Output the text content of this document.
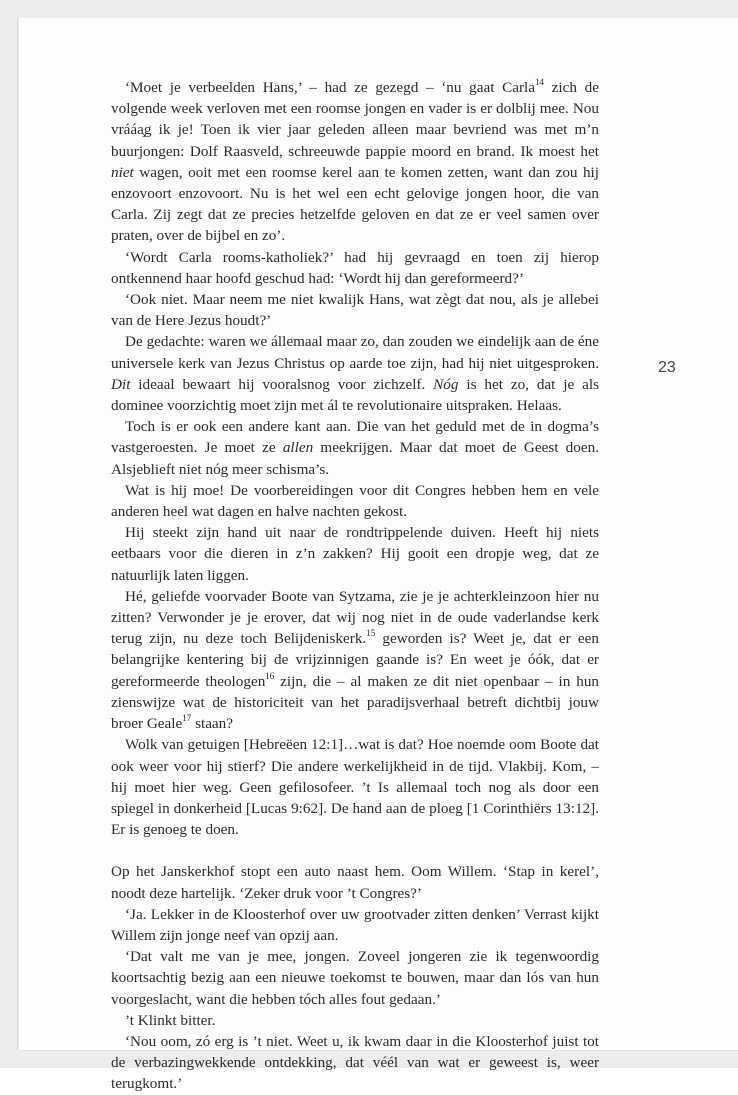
‘Moet je verbeelden Hans,’ – had ze gezegd – ‘nu gaat Carla$^{14}$ zich de volgende week verloven met een roomse jongen en vader is er dolblij mee. Nou vrááa̧g ik je! Toen ik vier jaar geleden alleen maar bevriend was met m’n buurjongen: Dolf Raasveld, schreeuwde pappie moord en brand. Ik moest het niet wagen, ooit met een roomse kerel aan te komen zetten, want dan zou hij enzovoort enzovoort. Nu is het wel een echt gelovige jongen hoor, die van Carla. Zij zegt dat ze precies hetzelfde geloven en dat ze er veel samen over praten, over de bijbel en zo’.

‘Wordt Carla rooms-katholiek?’ had hij gevraagd en toen zij hierop ontkennend haar hoofd geschud had: ‘Wordt hij dan gereformeerd?’

‘Ook niet. Maar neem me niet kwalijk Hans, wat zègt dat nou, als je allebei van de Here Jezus houdt?’

De gedachte: waren we állemaal maar zo, dan zouden we eindelijk aan de éne universele kerk van Jezus Christus op aarde toe zijn, had hij niet uitgesproken. Dit ideaal bewaart hij vooralsnog voor zichzelf. Nóg is het zo, dat je als dominee voorzichtig moet zijn met ál te revolutionaire uitspraken. Helaas.

Toch is er ook een andere kant aan. Die van het geduld met de in dogma’s vastgeroesten. Je moet ze allen meekrijgen. Maar dat moet de Geest doen. Alsjeblieft niet nóg meer schisma’s.

Wat is hij moe! De voorbereidingen voor dit Congres hebben hem en vele anderen heel wat dagen en halve nachten gekost.

Hij steekt zijn hand uit naar de rondtrippelende duiven. Heeft hij niets eetbaars voor die dieren in z’n zakken? Hij gooit een dropje weg, dat ze natuurlijk laten liggen.

Hé, geliefde voorvader Boote van Sytzama, zie je je achterkleinzoon hier nu zitten? Verwonder je je erover, dat wij nog niet in de oude vaderlandse kerk terug zijn, nu deze toch Belijdeniskerk.$^{15}$ geworden is? Weet je, dat er een belangrijke kentering bij de vrijzinnigen gaande is? En weet je óók, dat er gereformeerde theologen$^{16}$ zijn, die – al maken ze dit niet openbaar – in hun zienswijze wat de historiciteit van het paradijsverhaal betreft dichtbij jouw broer Geale$^{17}$ staan?

Wolk van getuigen [Hebreëen 12:1]…wat is dat? Hoe noemde oom Boote dat ook weer voor hij stierf? Die andere werkelijkheid in de tijd. Vlakbij. Kom, – hij moet hier weg. Geen gefilosofeer. ’t Is allemaal toch nog als door een spiegel in donkerheid [Lucas 9:62]. De hand aan de ploeg [1 Corinthiërs 13:12]. Er is genoeg te doen.

Op het Janskerkhof stopt een auto naast hem. Oom Willem. ‘Stap in kerel’, noodt deze hartelijk. ‘Zeker druk voor ’t Congres?’

‘Ja. Lekker in de Kloosterhof over uw grootvader zitten denken’ Verrast kijkt Willem zijn jonge neef van opzij aan.

‘Dat valt me van je mee, jongen. Zoveel jongeren zie ik tegenwoordig koortsachtig bezig aan een nieuwe toekomst te bouwen, maar dan lós van hun voorgeslacht, want die hebben tóch alles fout gedaan.’

’t Klinkt bitter.

‘Nou oom, zó erg is ’t niet. Weet u, ik kwam daar in die Kloosterhof juist tot de verbazingwekkende ontdekking, dat véél van wat er geweest is, weer terugkomt.’

23
